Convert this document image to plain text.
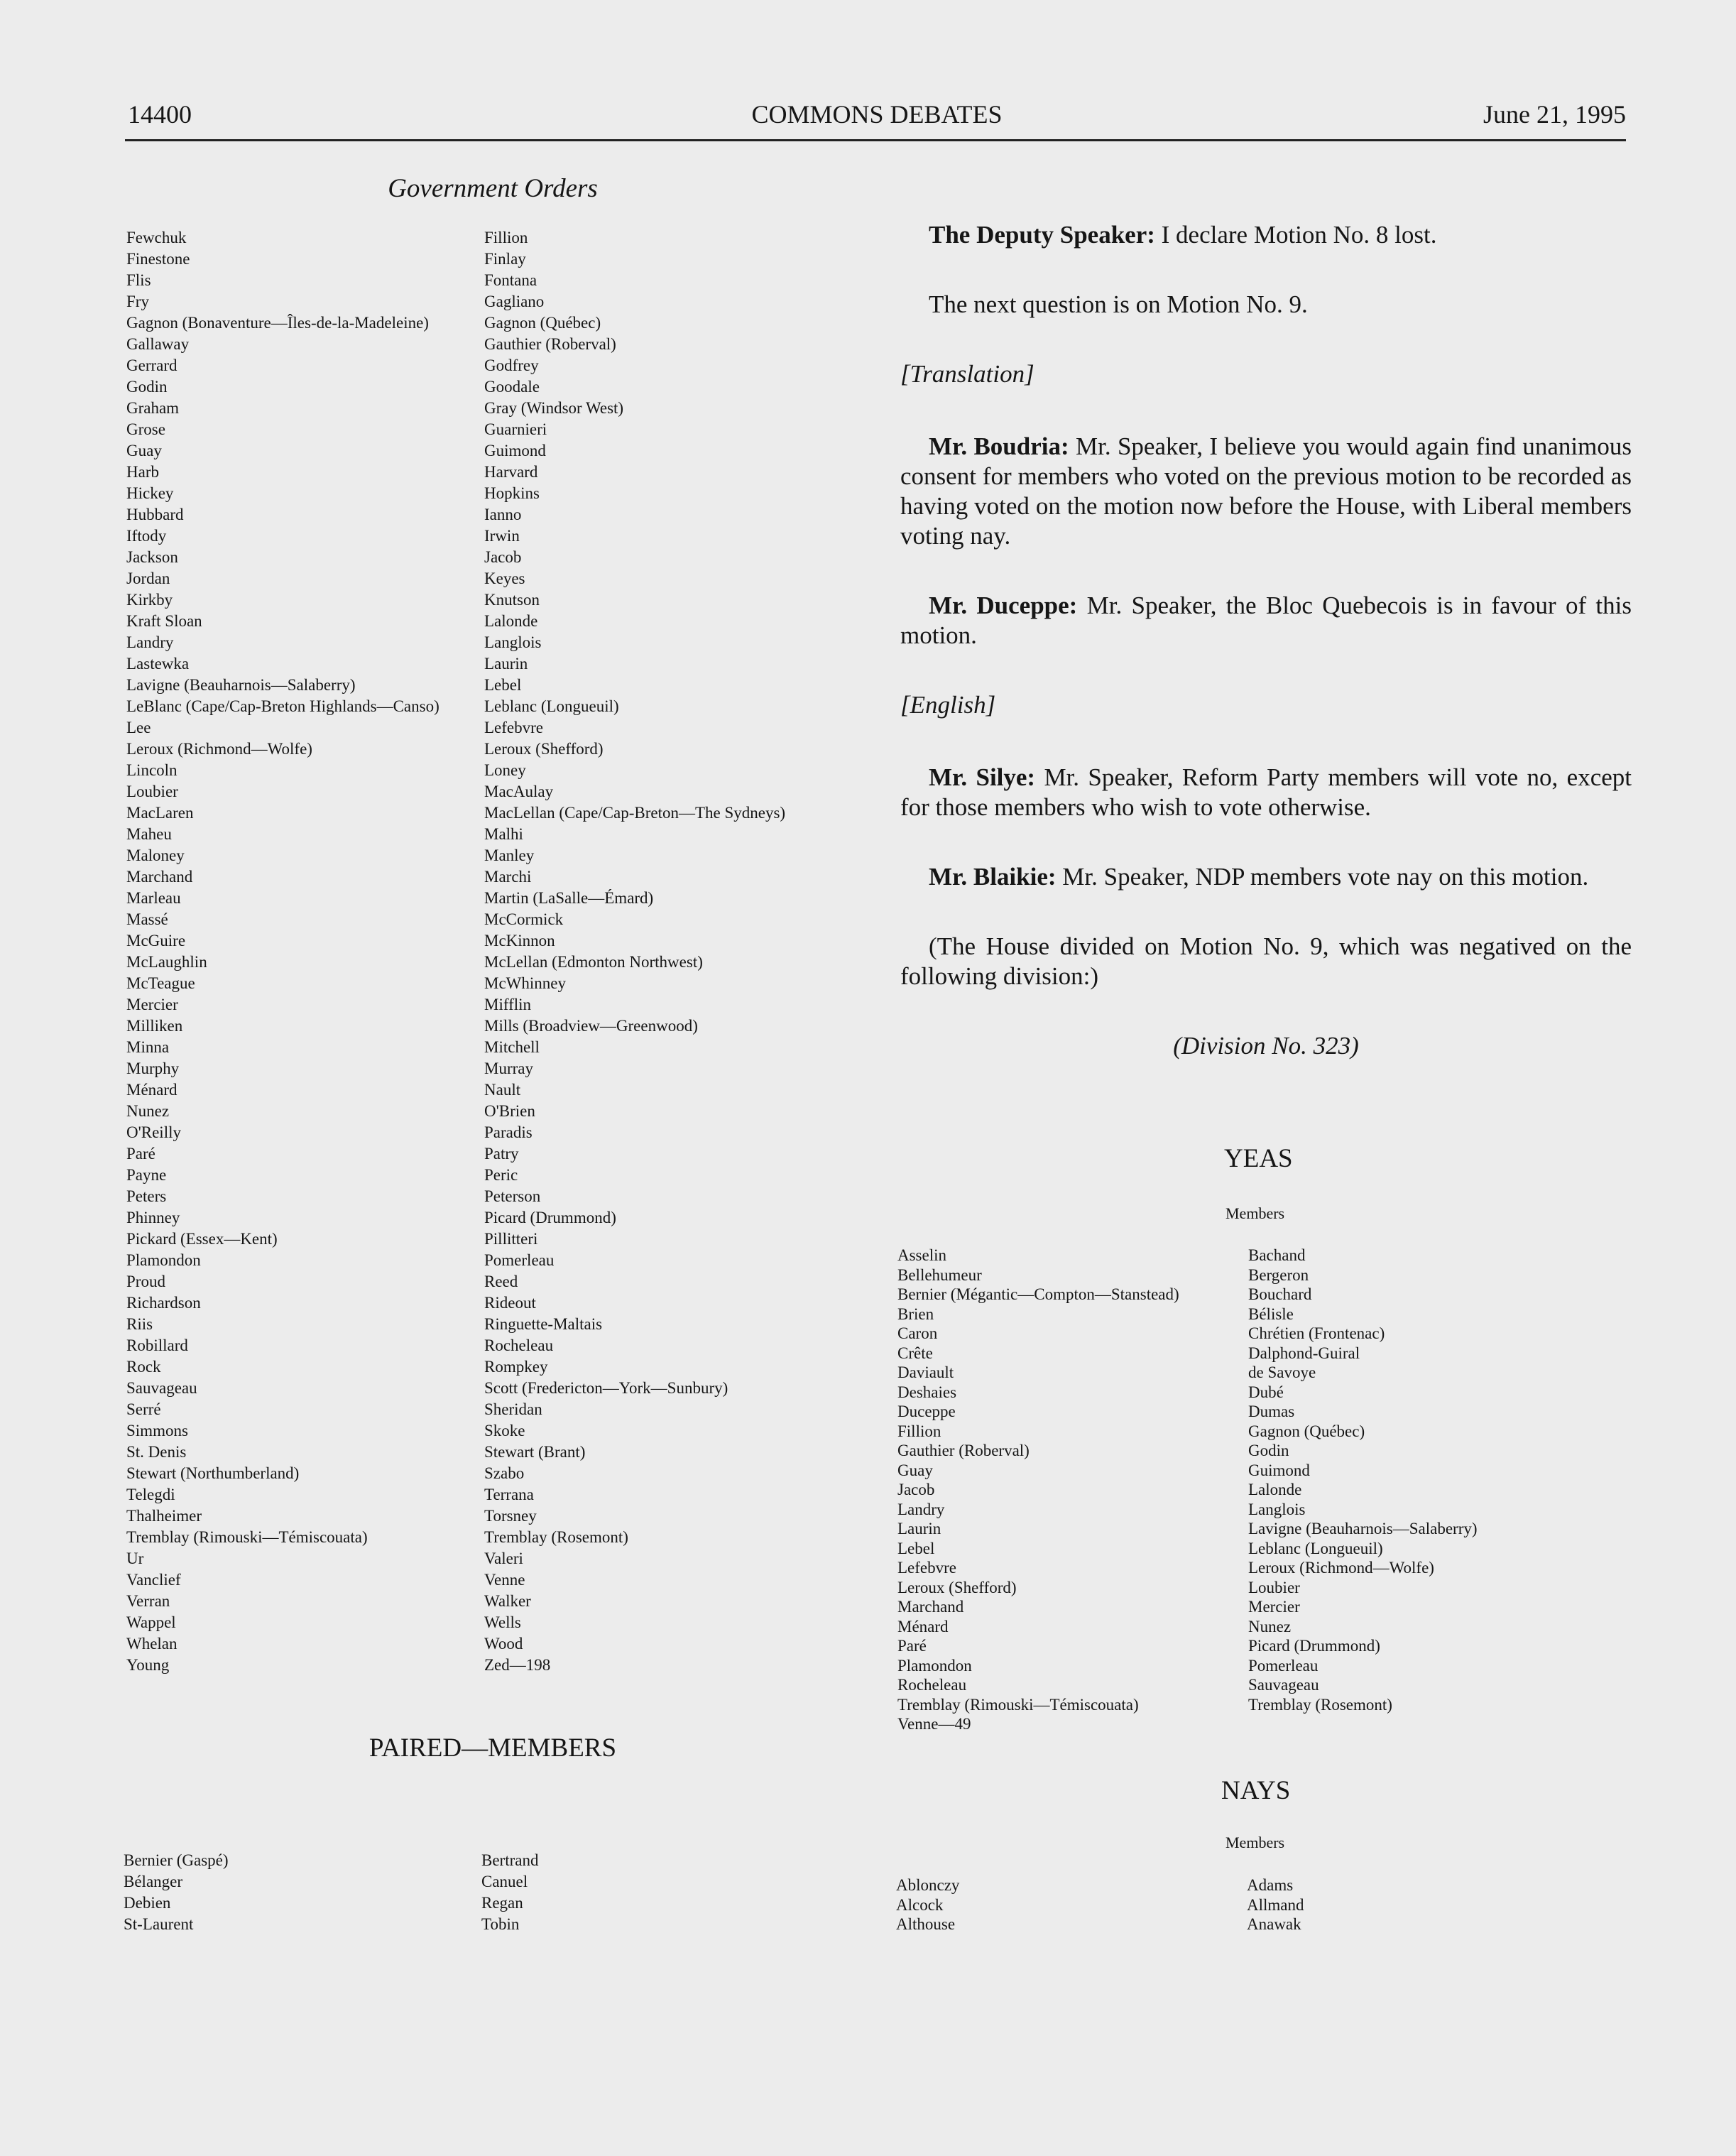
14400	COMMONS DEBATES	June 21, 1995
Government Orders
Fewchuk
Finestone
Flis
Fry
Gagnon (Bonaventure—Îles-de-la-Madeleine)
Gallaway
Gerrard
Godin
Graham
Grose
Guay
Harb
Hickey
Hubbard
Iftody
Jackson
Jordan
Kirkby
Kraft Sloan
Landry
Lastewka
Lavigne (Beauharnois—Salaberry)
LeBlanc (Cape/Cap-Breton Highlands—Canso)
Lee
Leroux (Richmond—Wolfe)
Lincoln
Loubier
MacLaren
Maheu
Maloney
Marchand
Marleau
Massé
McGuire
McLaughlin
McTeague
Mercier
Milliken
Minna
Murphy
Ménard
Nunez
O'Reilly
Paré
Payne
Peters
Phinney
Pickard (Essex—Kent)
Plamondon
Proud
Richardson
Riis
Robillard
Rock
Sauvageau
Serré
Simmons
St. Denis
Stewart (Northumberland)
Telegdi
Thalheimer
Tremblay (Rimouski—Témiscouata)
Ur
Vanclief
Verran
Wappel
Whelan
Young
Fillion
Finlay
Fontana
Gagliano
Gagnon (Québec)
Gauthier (Roberval)
Godfrey
Goodale
Gray (Windsor West)
Guarnieri
Guimond
Harvard
Hopkins
Ianno
Irwin
Jacob
Keyes
Knutson
Lalonde
Langlois
Laurin
Lebel
Leblanc (Longueuil)
Lefebvre
Leroux (Shefford)
Loney
MacAulay
MacLellan (Cape/Cap-Breton—The Sydneys)
Malhi
Manley
Marchi
Martin (LaSalle—Émard)
McCormick
McKinnon
McLellan (Edmonton Northwest)
McWhinney
Mifflin
Mills (Broadview—Greenwood)
Mitchell
Murray
Nault
O'Brien
Paradis
Patry
Peric
Peterson
Picard (Drummond)
Pillitteri
Pomerleau
Reed
Rideout
Ringuette-Maltais
Rocheleau
Rompkey
Scott (Fredericton—York—Sunbury)
Sheridan
Skoke
Stewart (Brant)
Szabo
Terrana
Torsney
Tremblay (Rosemont)
Valeri
Venne
Walker
Wells
Wood
Zed—198
PAIRED—MEMBERS
Bernier (Gaspé)
Bélanger
Debien
St-Laurent
Bertrand
Canuel
Regan
Tobin

The Deputy Speaker: I declare Motion No. 8 lost.

The next question is on Motion No. 9.

[Translation]

Mr. Boudria: Mr. Speaker, I believe you would again find unanimous consent for members who voted on the previous motion to be recorded as having voted on the motion now before the House, with Liberal members voting nay.

Mr. Duceppe: Mr. Speaker, the Bloc Quebecois is in favour of this motion.

[English]

Mr. Silye: Mr. Speaker, Reform Party members will vote no, except for those members who wish to vote otherwise.

Mr. Blaikie: Mr. Speaker, NDP members vote nay on this motion.

(The House divided on Motion No. 9, which was negatived on the following division:)

(Division No. 323)
YEAS
Members
Asselin
Bellehumeur
Bernier (Mégantic—Compton—Stanstead)
Brien
Caron
Crête
Daviault
Deshaies
Duceppe
Fillion
Gauthier (Roberval)
Guay
Jacob
Landry
Laurin
Lebel
Lefebvre
Leroux (Shefford)
Marchand
Ménard
Paré
Plamondon
Rocheleau
Tremblay (Rimouski—Témiscouata)
Venne—49
Bachand
Bergeron
Bouchard
Bélisle
Chrétien (Frontenac)
Dalphond-Guiral
de Savoye
Dubé
Dumas
Gagnon (Québec)
Godin
Guimond
Lalonde
Langlois
Lavigne (Beauharnois—Salaberry)
Leblanc (Longueuil)
Leroux (Richmond—Wolfe)
Loubier
Mercier
Nunez
Picard (Drummond)
Pomerleau
Sauvageau
Tremblay (Rosemont)
NAYS
Members
Ablonczy
Alcock
Althouse
Adams
Allmand
Anawak
